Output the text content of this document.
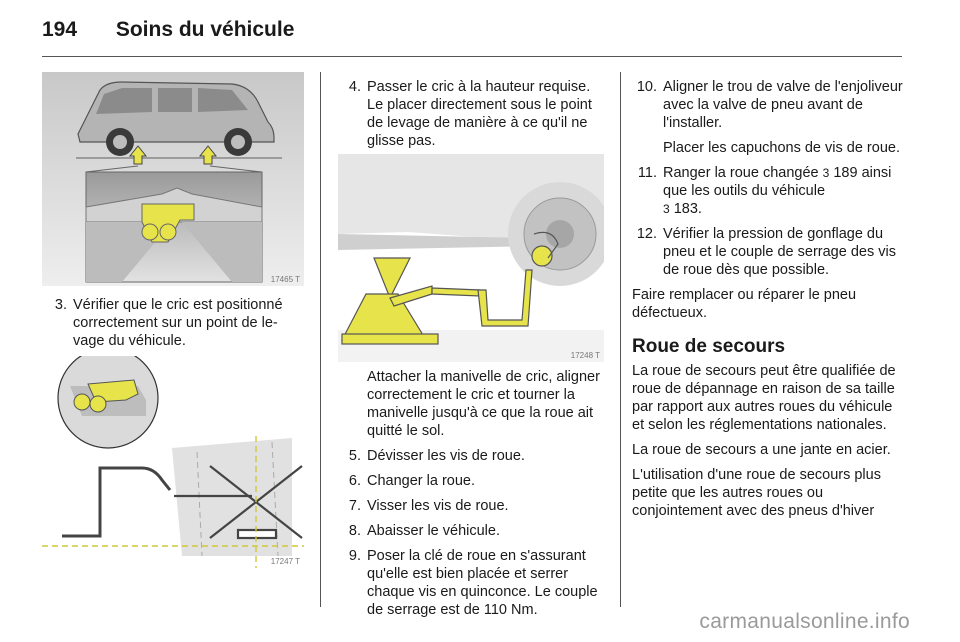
194 Soins du véhicule
17465 T
3. Vérifier que le cric est positionné correctement sur un point de levage du véhicule.
17247 T
4. Passer le cric à la hauteur requise. Le placer directement sous le point de levage de manière à ce qu'il ne glisse pas.
17248 T
Attacher la manivelle de cric, aligner correctement le cric et tourner la manivelle jusqu'à ce que la roue ait quitté le sol.
5. Dévisser les vis de roue.
6. Changer la roue.
7. Visser les vis de roue.
8. Abaisser le véhicule.
9. Poser la clé de roue en s'assurant qu'elle est bien placée et serrer chaque vis en quinconce. Le couple de serrage est de 110 Nm.
10. Aligner le trou de valve de l'enjoliveur avec la valve de pneu avant de l'installer.
Placer les capuchons de vis de roue.
11. Ranger la roue changée 3 189 ainsi que les outils du véhicule
3 183.
12. Vérifier la pression de gonflage du pneu et le couple de serrage des vis de roue dès que possible.
Faire remplacer ou réparer le pneu défectueux.
Roue de secours
La roue de secours peut être qualifiée de roue de dépannage en raison de sa taille par rapport aux autres roues du véhicule et selon les réglementations nationales.
La roue de secours a une jante en acier.
L'utilisation d'une roue de secours plus petite que les autres roues ou conjointement avec des pneus d'hiver
carmanualsonline.info
